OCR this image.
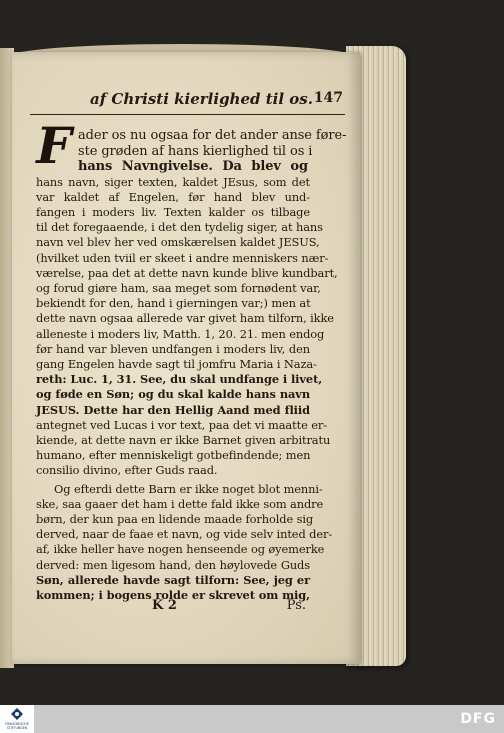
af Christi kierlighed til os. 147
F ader os nu ogsaa for det ander anse føre-
ste grøden af hans kierlighed til os i
hans Navngivelse. Da blev og
hans navn, siger texten, kaldet JEsus, som det
var kaldet af Engelen, før hand blev und-
fangen i moders liv. Texten kalder os tilbage
til det foregaaende, i det den tydelig siger, at hans
navn vel blev her ved omskærelsen kaldet JESUS,
(hvilket uden tviil er skeet i andre menniskers nær-
værelse, paa det at dette navn kunde blive kundbart,
og forud giøre ham, saa meget som fornødent var,
bekiendt for den, hand i gierningen var;) men at
dette navn ogsaa allerede var givet ham tilforn, ikke
alleneste i moders liv, Matth. 1, 20. 21. men endog
før hand var bleven undfangen i moders liv, den
gang Engelen havde sagt til jomfru Maria i Naza-
reth: Luc. 1, 31. See, du skal undfange i livet,
og føde en Søn; og du skal kalde hans navn
JESUS. Dette har den Hellig Aand med fliid
antegnet ved Lucas i vor text, paa det vi maatte er-
kiende, at dette navn er ikke Barnet given arbitratu
humano, efter menniskeligt gotbefindende; men
consilio divino, efter Guds raad.
Og efterdi dette Barn er ikke noget blot menni-
ske, saa gaaer det ham i dette fald ikke som andre
børn, der kun paa en lidende maade forholde sig
derved, naar de faae et navn, og vide selv inted der-
af, ikke heller have nogen henseende og øyemerke
derved: men ligesom hand, den høylovede Guds
Søn, allerede havde sagt tilforn: See, jeg er
kommen; i bogens rolde er skrevet om mig,
K 2	Ps.
FRANCKESCHE STIFTUNGEN
DFG
